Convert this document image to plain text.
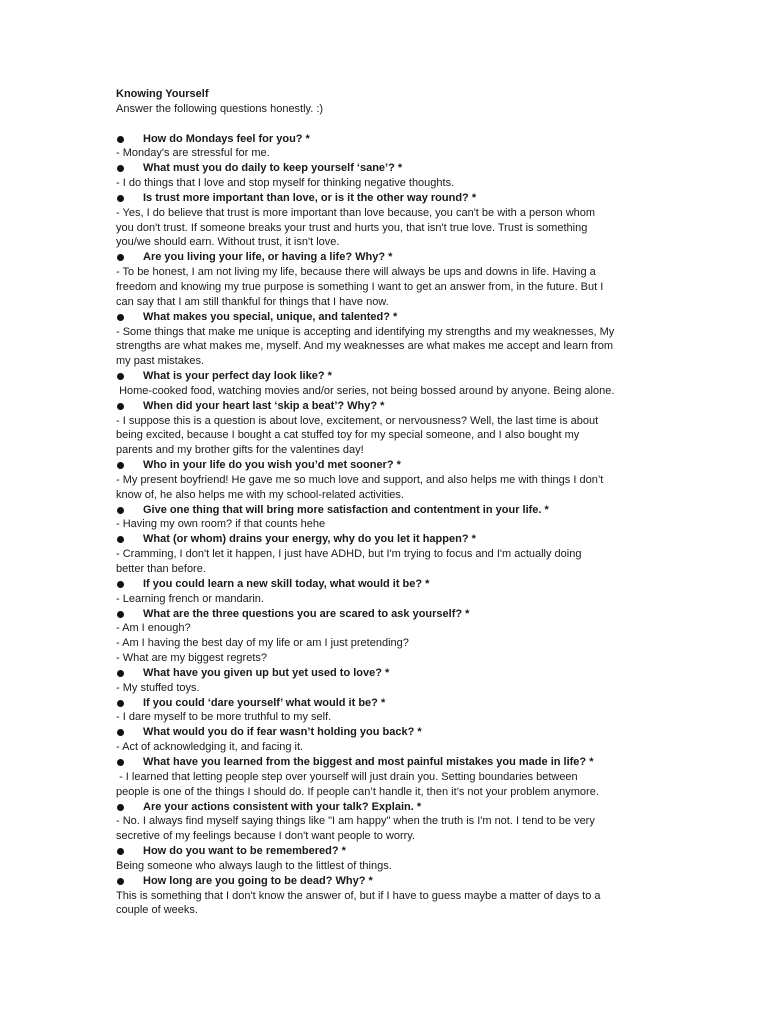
Knowing Yourself
Answer the following questions honestly. :)
How do Mondays feel for you? *
- Monday's are stressful for me.
What must you do daily to keep yourself ‘sane’? *
- I do things that I love and stop myself for thinking negative thoughts.
Is trust more important than love, or is it the other way round? *
- Yes, I do believe that trust is more important than love because, you can't be with a person whom
you don't trust. If someone breaks your trust and hurts you, that isn't true love. Trust is something
you/we should earn. Without trust, it isn't love.
Are you living your life, or having a life? Why? *
- To be honest, I am not living my life, because there will always be ups and downs in life. Having a
freedom and knowing my true purpose is something I want to get an answer from, in the future. But I
can say that I am still thankful for things that I have now.
What makes you special, unique, and talented? *
- Some things that make me unique is accepting and identifying my strengths and my weaknesses, My
strengths are what makes me, myself. And my weaknesses are what makes me accept and learn from
my past mistakes.
What is your perfect day look like? *
Home-cooked food, watching movies and/or series, not being bossed around by anyone. Being alone.
When did your heart last ‘skip a beat’? Why? *
- I suppose this is a question is about love, excitement, or nervousness? Well, the last time is about
being excited, because I bought a cat stuffed toy for my special someone, and I also bought my
parents and my brother gifts for the valentines day!
Who in your life do you wish you’d met sooner? *
- My present boyfriend! He gave me so much love and support, and also helps me with things I don’t
know of, he also helps me with my school-related activities.
Give one thing that will bring more satisfaction and contentment in your life. *
- Having my own room? if that counts hehe
What (or whom) drains your energy, why do you let it happen? *
- Cramming, I don't let it happen, I just have ADHD, but I'm trying to focus and I'm actually doing
better than before.
If you could learn a new skill today, what would it be? *
- Learning french or mandarin.
What are the three questions you are scared to ask yourself? *
- Am I enough?
- Am I having the best day of my life or am I just pretending?
- What are my biggest regrets?
What have you given up but yet used to love? *
- My stuffed toys.
If you could ‘dare yourself’ what would it be? *
- I dare myself to be more truthful to my self.
What would you do if fear wasn’t holding you back? *
- Act of acknowledging it, and facing it.
What have you learned from the biggest and most painful mistakes you made in life? *
- I learned that letting people step over yourself will just drain you. Setting boundaries between
people is one of the things I should do. If people can’t handle it, then it’s not your problem anymore.
Are your actions consistent with your talk? Explain. *
- No. I always find myself saying things like "I am happy" when the truth is I'm not. I tend to be very
secretive of my feelings because I don't want people to worry.
How do you want to be remembered? *
Being someone who always laugh to the littlest of things.
How long are you going to be dead? Why? *
This is something that I don't know the answer of, but if I have to guess maybe a matter of days to a
couple of weeks.
